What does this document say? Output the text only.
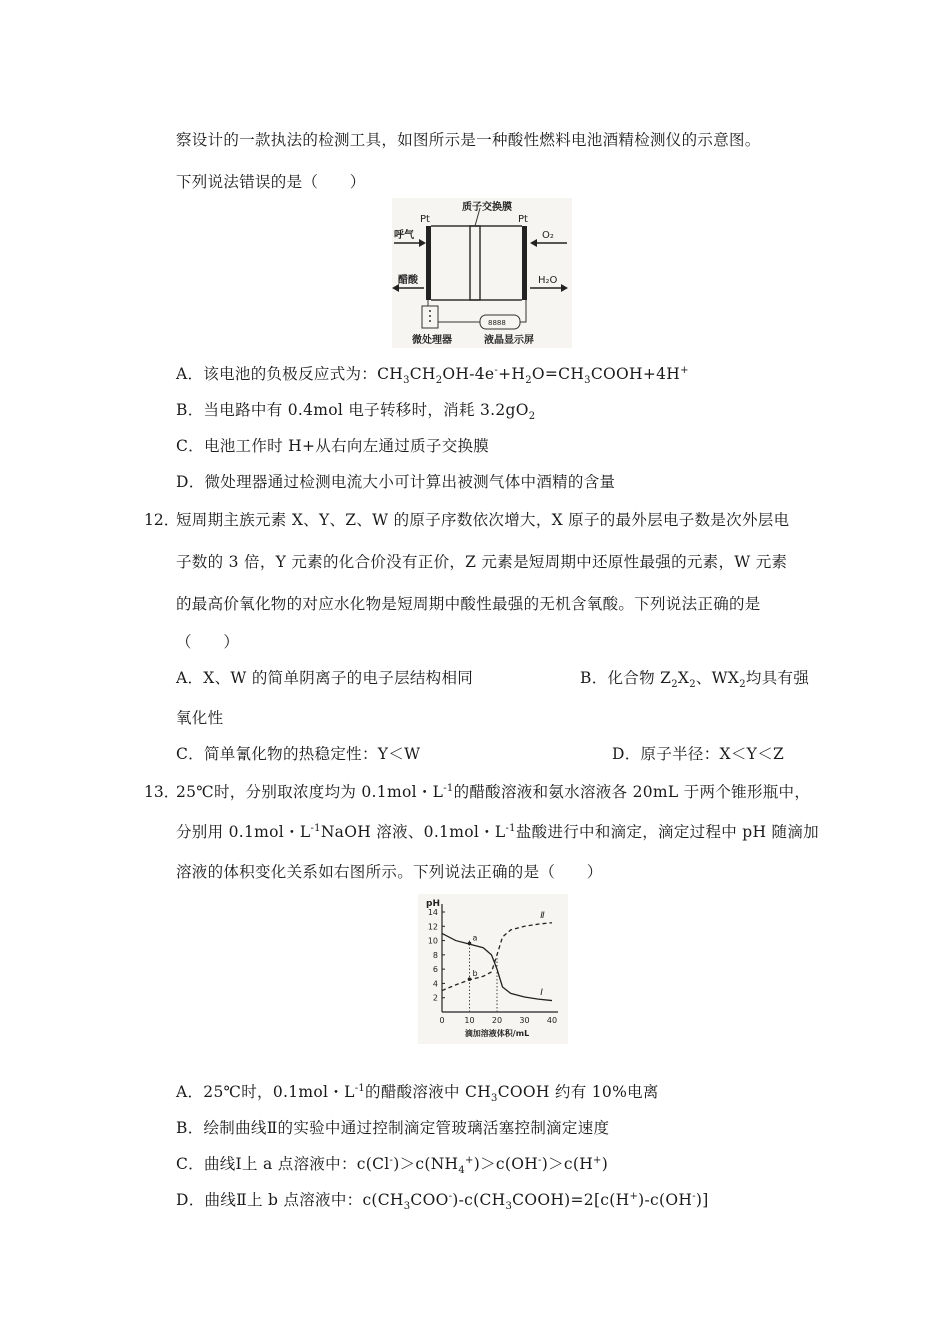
察设计的一款执法的检测工具，如图所示是一种酸性燃料电池酒精检测仪的示意图。
下列说法错误的是（　　）
质子交换膜
Pt	Pt
呼气	O₂
醋酸	H₂O
8888
微处理器	液晶显示屏
A．该电池的负极反应式为：$CH_3CH_2OH-4e^-+H_2O=CH_3COOH+4H^+$
B．当电路中有 0.4mol 电子转移时，消耗 $3.2gO_2$
C．电池工作时 H+从右向左通过质子交换膜
D．微处理器通过检测电流大小可计算出被测气体中酒精的含量
12．
短周期主族元素 X、Y、Z、W 的原子序数依次增大，X 原子的最外层电子数是次外层电
子数的 3 倍，Y 元素的化合价没有正价，Z 元素是短周期中还原性最强的元素，W 元素
的最高价氧化物的对应水化物是短周期中酸性最强的无机含氧酸。下列说法正确的是
（　　）
A．X、W 的简单阴离子的电子层结构相同	B．化合物 $Z_2X_2$、$WX_2$均具有强
氧化性
C．简单氰化物的热稳定性：Y＜W	D．原子半径：X＜Y＜Z
13．
25℃时，分别取浓度均为 0.1mol・$L^{-1}$的醋酸溶液和氨水溶液各 20mL 于两个锥形瓶中，
分别用 0.1mol・$L^{-1}NaOH$ 溶液、0.1mol・$L^{-1}$盐酸进行中和滴定，滴定过程中 pH 随滴加
溶液的体积变化关系如右图所示。下列说法正确的是（　　）
pH
2
4
6
8
10
12
14
0 10 20 30 40
滴加溶液体积/mL
Ⅰ
Ⅱ
a
b
A．25℃时，0.1mol・$L^{-1}$的醋酸溶液中 $CH_3COOH$ 约有 10%电离
B．绘制曲线Ⅱ的实验中通过控制滴定管玻璃活塞控制滴定速度
C．曲线Ⅰ上 a 点溶液中：$c(Cl^-)>c(NH_4^+)>c(OH^-)>c(H^+)$
D．曲线Ⅱ上 b 点溶液中：$c(CH_3COO^-)-c(CH_3COOH)=2[c(H^+)-c(OH^-)]$
